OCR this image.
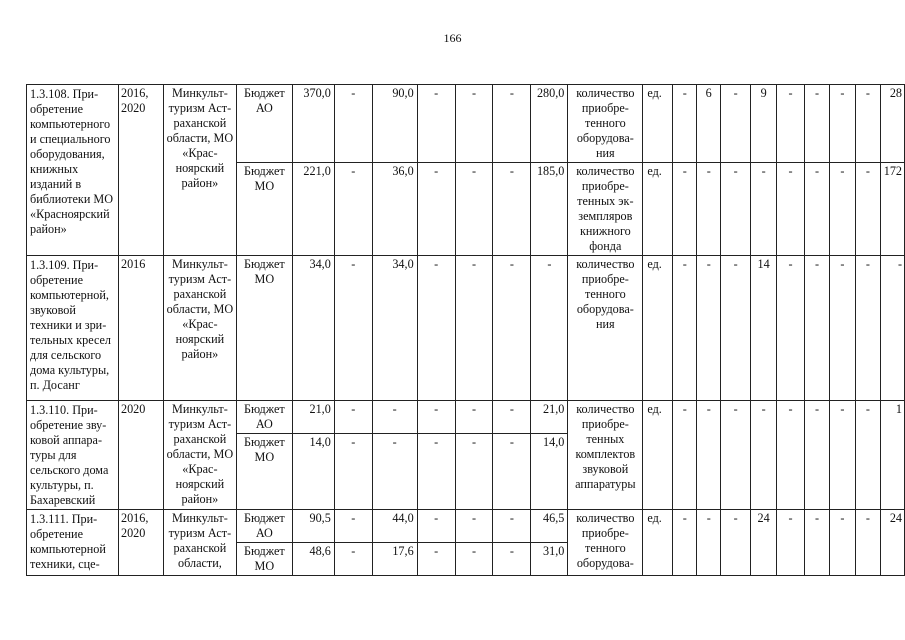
166
1.3.108. Приобретение компьютерного и специального оборудования, книжных изданий в библиотеки МО «Красноярский район»	2016, 2020	Минкульттуризм Астраханской области, МО «Красноярский район»	Бюджет АО	370,0	-	90,0	-	-	-	280,0	количество приобретенного оборудования	ед.	-	6	-	9	-	-	-	-	28
			Бюджет МО	221,0	-	36,0	-	-	-	185,0	количество приобретенных экземпляров книжного фонда	ед.	-	-	-	-	-	-	-	-	172
1.3.109. Приобретение компьютерной, звуковой техники и зрительных кресел для сельского дома культуры, п. Досанг	2016	Минкульттуризм Астраханской области, МО «Красноярский район»	Бюджет МО	34,0	-	34,0	-	-	-	-	количество приобретенного оборудования	ед.	-	-	-	14	-	-	-	-	-
1.3.110. Приобретение звуковой аппаратуры для сельского дома культуры, п. Бахаревский	2020	Минкульттуризм Астраханской области, МО «Красноярский район»	Бюджет АО	21,0	-	-	-	-	-	21,0	количество приобретенных комплектов звуковой аппаратуры	ед.	-	-	-	-	-	-	-	-	1
			Бюджет МО	14,0	-	-	-	-	-	14,0											
1.3.111. Приобретение компьютерной техники, сце-	2016, 2020	Минкульттуризм Астраханской области,	Бюджет АО	90,5	-	44,0	-	-	-	46,5	количество приобретенного оборудова-	ед.	-	-	-	24	-	-	-	-	24
			Бюджет МО	48,6	-	17,6	-	-	-	31,0											
